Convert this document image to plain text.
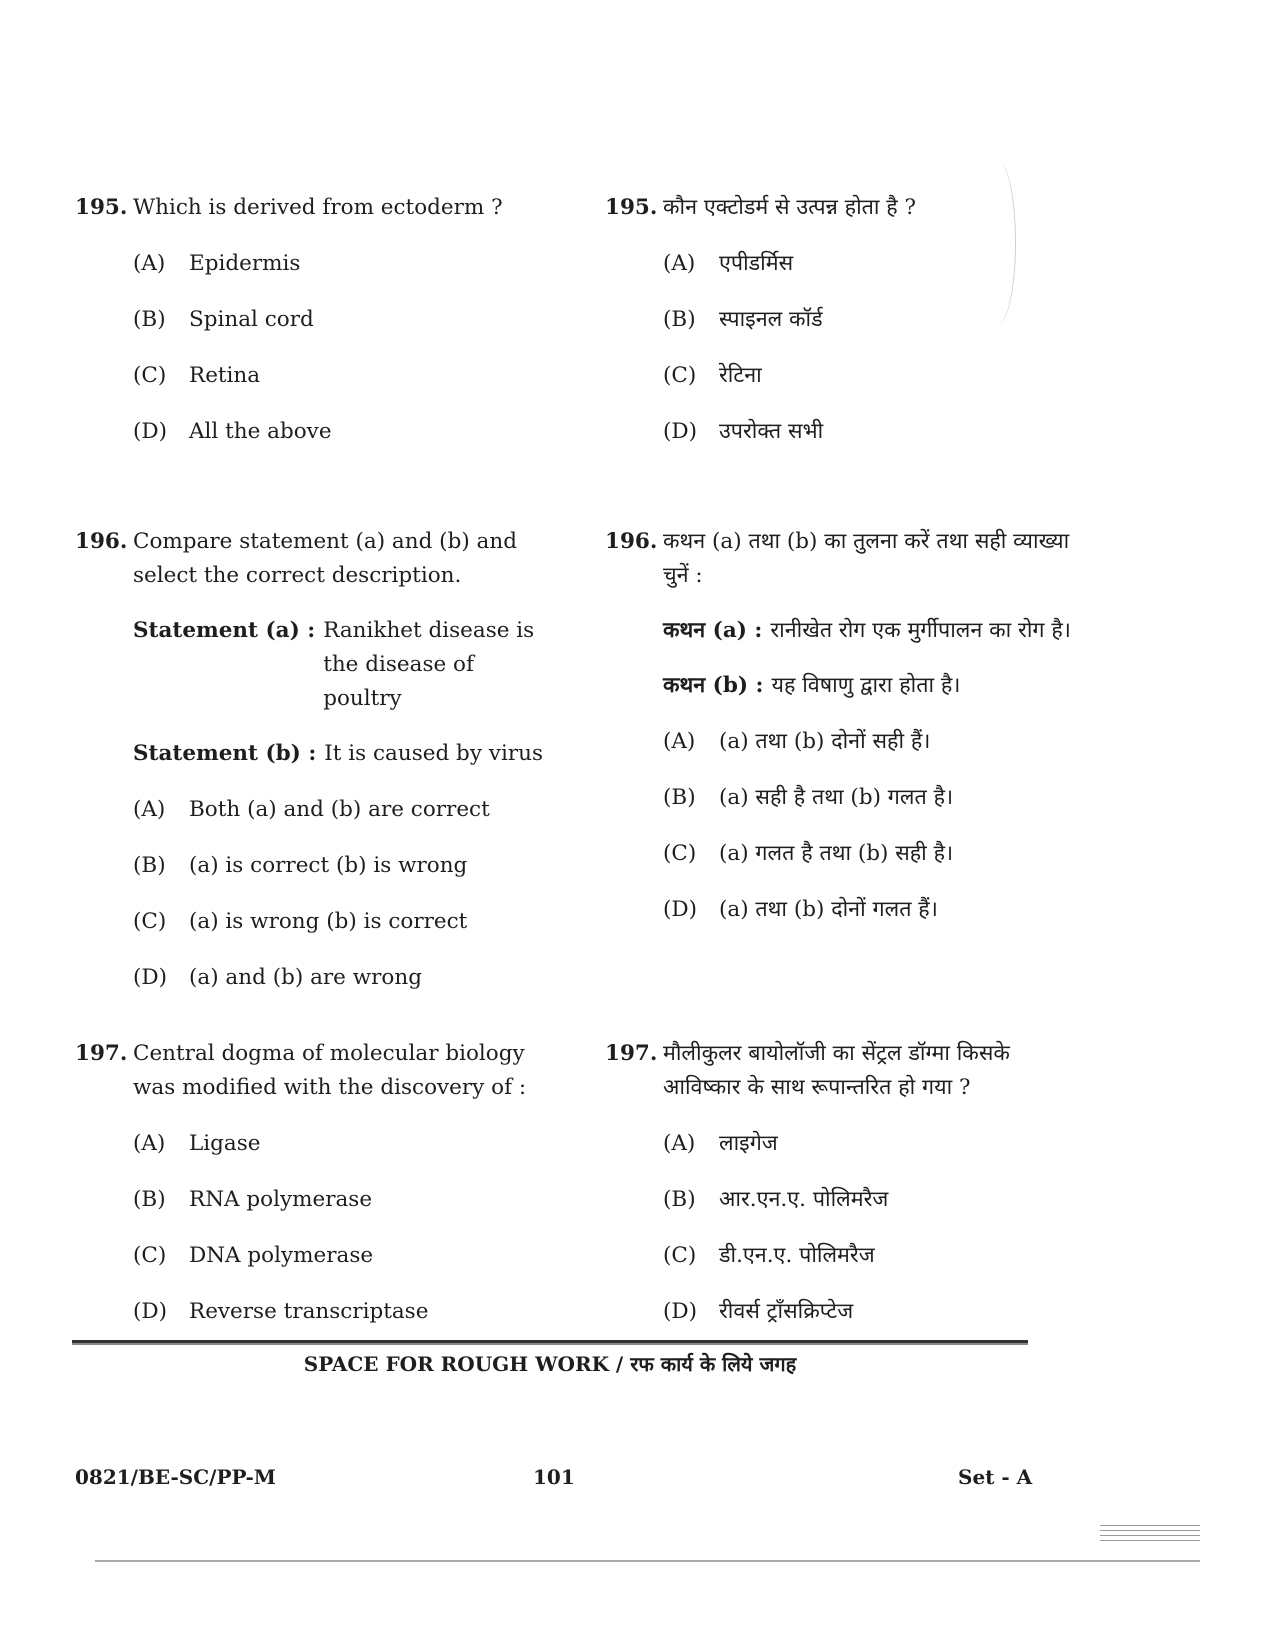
195. Which is derived from ectoderm ?
(A)	Epidermis
(B)	Spinal cord
(C)	Retina
(D)	All the above
196. Compare statement (a) and (b) and select the correct description.
Statement (a) : Ranikhet disease is the disease of poultry
Statement (b) : It is caused by virus
(A)	Both (a) and (b) are correct
(B)	(a) is correct (b) is wrong
(C)	(a) is wrong (b) is correct
(D)	(a) and (b) are wrong
197. Central dogma of molecular biology was modified with the discovery of :
(A)	Ligase
(B)	RNA polymerase
(C)	DNA polymerase
(D)	Reverse transcriptase
195. कौन एक्टोडर्म से उत्पन्न होता है ?
(A)	एपीडर्मिस
(B)	स्पाइनल कॉर्ड
(C)	रेटिना
(D)	उपरोक्त सभी
196. कथन (a) तथा (b) का तुलना करें तथा सही व्याख्या चुनें :
कथन (a) : रानीखेत रोग एक मुर्गीपालन का रोग है।
कथन (b) : यह विषाणु द्वारा होता है।
(A)	(a) तथा (b) दोनों सही हैं।
(B)	(a) सही है तथा (b) गलत है।
(C)	(a) गलत है तथा (b) सही है।
(D)	(a) तथा (b) दोनों गलत हैं।
197. मौलीकुलर बायोलॉजी का सेंट्रल डॉग्मा किसके आविष्कार के साथ रूपान्तरित हो गया ?
(A)	लाइगेज
(B)	आर.एन.ए. पोलिमरैज
(C)	डी.एन.ए. पोलिमरैज
(D)	रीवर्स ट्राँसक्रिप्टेज
SPACE FOR ROUGH WORK / रफ कार्य के लिये जगह
0821/BE-SC/PP-M	101	Set - A
